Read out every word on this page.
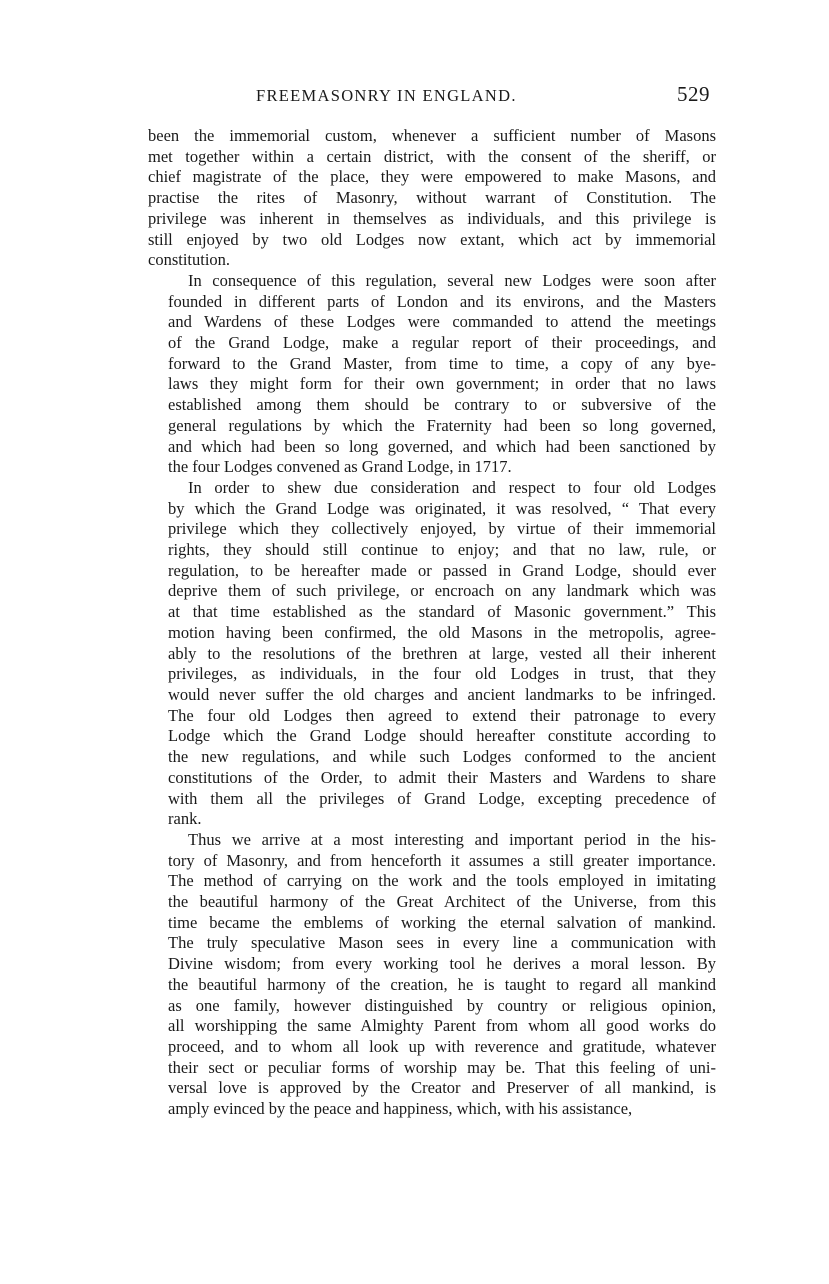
FREEMASONRY IN ENGLAND.	529
been the immemorial custom, whenever a sufficient number of Masons
met together within a certain district, with the consent of the sheriff, or
chief magistrate of the place, they were empowered to make Masons, and
practise the rites of Masonry, without warrant of Constitution. The
privilege was inherent in themselves as individuals, and this privilege is
still enjoyed by two old Lodges now extant, which act by immemorial
constitution.
In consequence of this regulation, several new Lodges were soon after
founded in different parts of London and its environs, and the Masters
and Wardens of these Lodges were commanded to attend the meetings
of the Grand Lodge, make a regular report of their proceedings, and
forward to the Grand Master, from time to time, a copy of any bye-
laws they might form for their own government; in order that no laws
established among them should be contrary to or subversive of the
general regulations by which the Fraternity had been so long governed,
and which had been so long governed, and which had been sanctioned by
the four Lodges convened as Grand Lodge, in 1717.
In order to shew due consideration and respect to four old Lodges
by which the Grand Lodge was originated, it was resolved, “ That every
privilege which they collectively enjoyed, by virtue of their immemorial
rights, they should still continue to enjoy; and that no law, rule, or
regulation, to be hereafter made or passed in Grand Lodge, should ever
deprive them of such privilege, or encroach on any landmark which was
at that time established as the standard of Masonic government.” This
motion having been confirmed, the old Masons in the metropolis, agree-
ably to the resolutions of the brethren at large, vested all their inherent
privileges, as individuals, in the four old Lodges in trust, that they
would never suffer the old charges and ancient landmarks to be infringed.
The four old Lodges then agreed to extend their patronage to every
Lodge which the Grand Lodge should hereafter constitute according to
the new regulations, and while such Lodges conformed to the ancient
constitutions of the Order, to admit their Masters and Wardens to share
with them all the privileges of Grand Lodge, excepting precedence of
rank.
Thus we arrive at a most interesting and important period in the his-
tory of Masonry, and from henceforth it assumes a still greater importance.
The method of carrying on the work and the tools employed in imitating
the beautiful harmony of the Great Architect of the Universe, from this
time became the emblems of working the eternal salvation of mankind.
The truly speculative Mason sees in every line a communication with
Divine wisdom; from every working tool he derives a moral lesson. By
the beautiful harmony of the creation, he is taught to regard all mankind
as one family, however distinguished by country or religious opinion,
all worshipping the same Almighty Parent from whom all good works do
proceed, and to whom all look up with reverence and gratitude, whatever
their sect or peculiar forms of worship may be. That this feeling of uni-
versal love is approved by the Creator and Preserver of all mankind, is
amply evinced by the peace and happiness, which, with his assistance,
